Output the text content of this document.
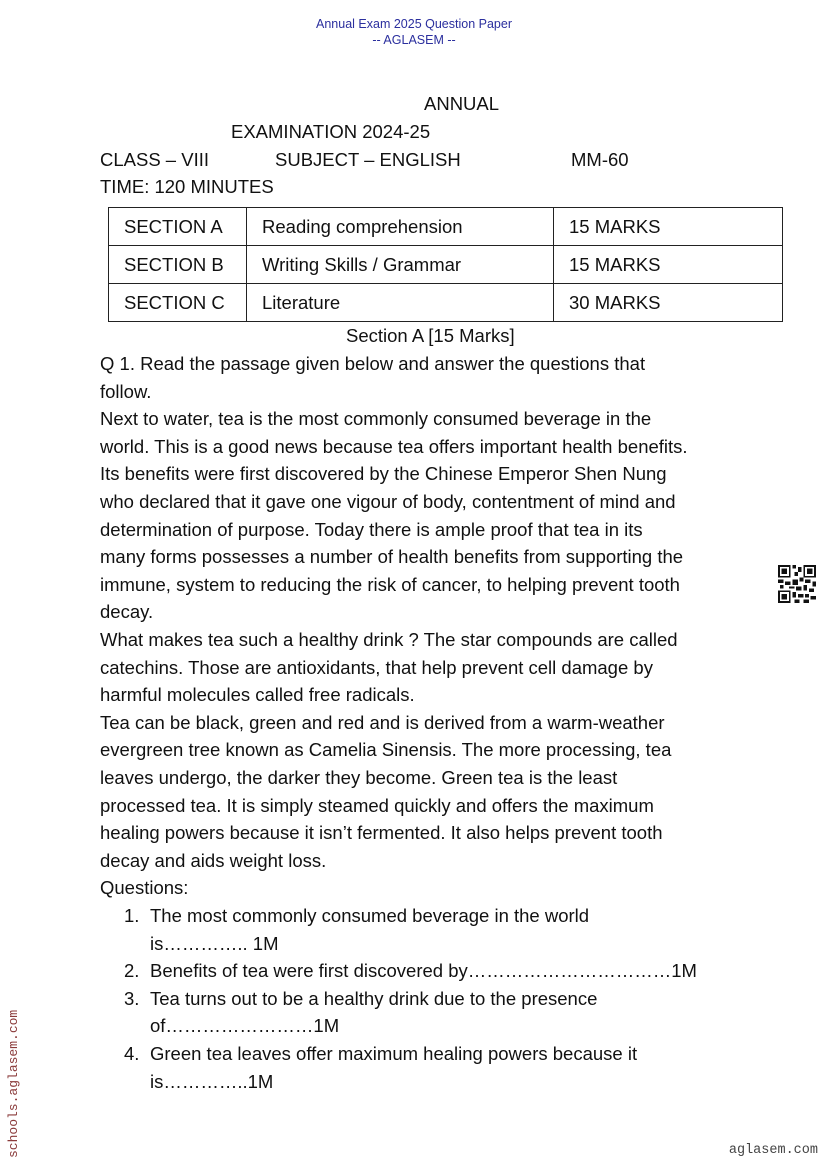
Annual Exam 2025 Question Paper
-- AGLASEM --
ANNUAL
EXAMINATION 2024-25
CLASS – VIII	SUBJECT – ENGLISH	MM-60
TIME: 120 MINUTES
SECTION A	Reading comprehension	15 MARKS
SECTION B	Writing Skills / Grammar	15 MARKS
SECTION C	Literature	30 MARKS
Section A [15 Marks]
Q 1. Read the passage given below and answer the questions that
follow.
Next to water, tea is the most commonly consumed beverage in the
world. This is a good news because tea offers important health benefits.
Its benefits were first discovered by the Chinese Emperor Shen Nung
who declared that it gave one vigour of body, contentment of mind and
determination of purpose. Today there is ample proof that tea in its
many forms possesses a number of health benefits from supporting the
immune, system to reducing the risk of cancer, to helping prevent tooth
decay.
What makes tea such a healthy drink ? The star compounds are called
catechins. Those are antioxidants, that help prevent cell damage by
harmful molecules called free radicals.
Tea can be black, green and red and is derived from a warm-weather
evergreen tree known as Camelia Sinensis. The more processing, tea
leaves undergo, the darker they become. Green tea is the least
processed tea. It is simply steamed quickly and offers the maximum
healing powers because it isn’t fermented. It also helps prevent tooth
decay and aids weight loss.
Questions:
1. The most commonly consumed beverage in the world
is………….. 1M
2. Benefits of tea were first discovered by……………………………1M
3. Tea turns out to be a healthy drink due to the presence
of……………………1M
4. Green tea leaves offer maximum healing powers because it
is…………..1M
schools.aglasem.com	aglasem.com
